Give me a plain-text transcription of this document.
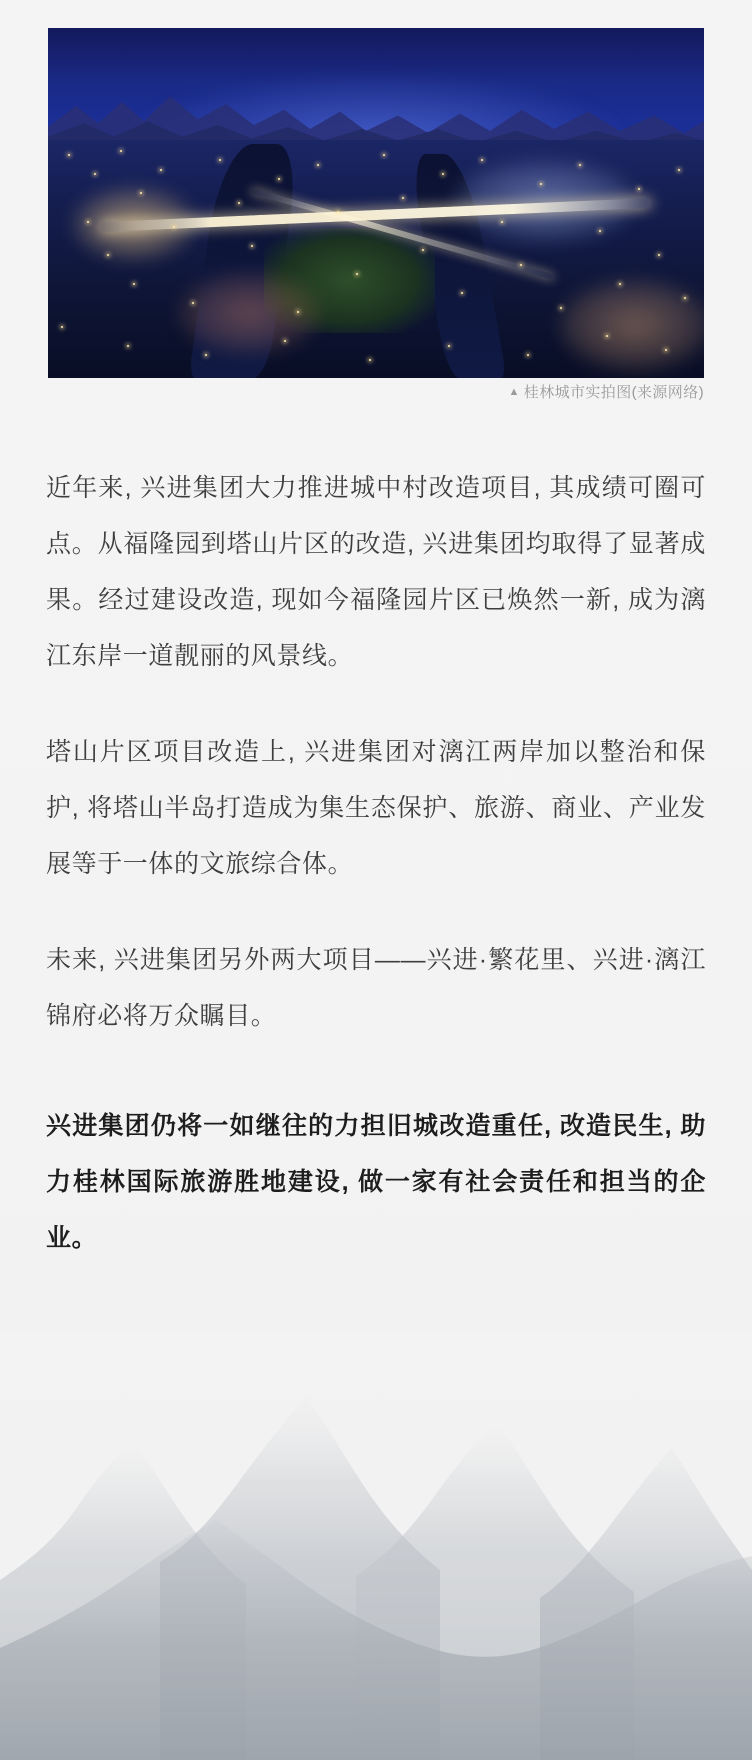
▲ 桂林城市实拍图(来源网络)

近年来, 兴进集团大力推进城中村改造项目, 其成绩可圈可点。从福隆园到塔山片区的改造, 兴进集团均取得了显著成果。经过建设改造, 现如今福隆园片区已焕然一新, 成为漓江东岸一道靓丽的风景线。

塔山片区项目改造上, 兴进集团对漓江两岸加以整治和保护, 将塔山半岛打造成为集生态保护、旅游、商业、产业发展等于一体的文旅综合体。

未来, 兴进集团另外两大项目——兴进·繁花里、兴进·漓江锦府必将万众瞩目。

兴进集团仍将一如继往的力担旧城改造重任, 改造民生, 助力桂林国际旅游胜地建设, 做一家有社会责任和担当的企业。
